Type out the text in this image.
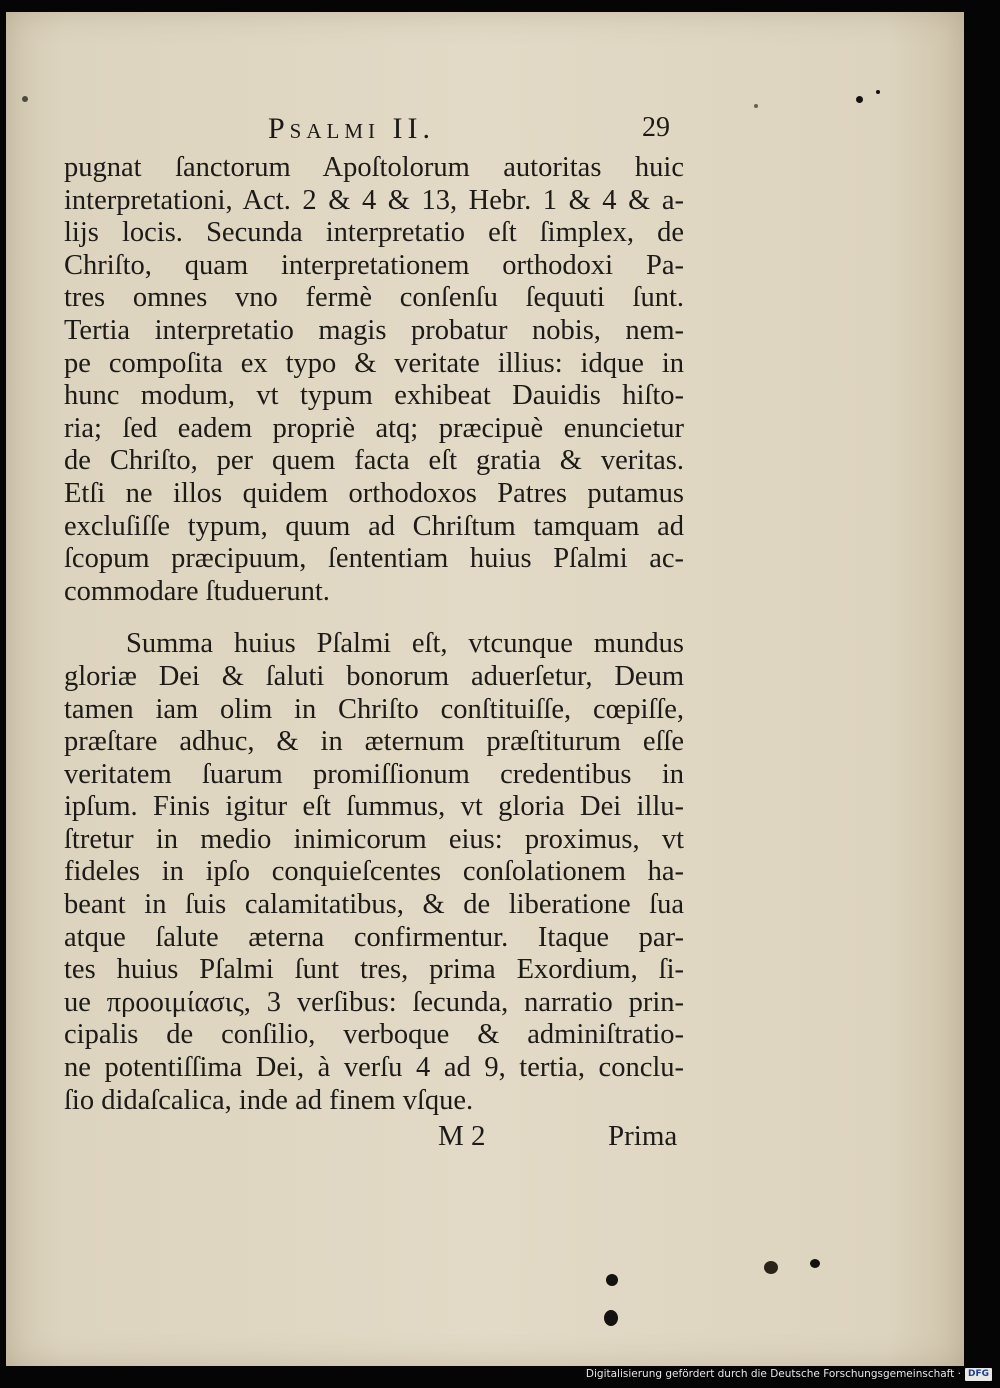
Psalmi II.	29
pugnat ſanctorum Apoſtolorum autoritas huic
interpretationi, Act. 2 & 4 & 13, Hebr. 1 & 4 & a-
lijs locis. Secunda interpretatio eſt ſimplex, de
Chriſto, quam interpretationem orthodoxi Pa-
tres omnes vno fermè conſenſu ſequuti ſunt.
Tertia interpretatio magis probatur nobis, nem-
pe compoſita ex typo & veritate illius: idque in
hunc modum, vt typum exhibeat Dauidis hiſto-
ria; ſed eadem propriè atq; præcipuè enuncietur
de Chriſto, per quem facta eſt gratia & veritas.
Etſi ne illos quidem orthodoxos Patres putamus
excluſiſſe typum, quum ad Chriſtum tamquam ad
ſcopum præcipuum, ſententiam huius Pſalmi ac-
commodare ſtuduerunt.
Summa huius Pſalmi eſt, vtcunque mundus
gloriæ Dei & ſaluti bonorum aduerſetur, Deum
tamen iam olim in Chriſto conſtituiſſe, cœpiſſe,
præſtare adhuc, & in æternum præſtiturum eſſe
veritatem ſuarum promiſſionum credentibus in
ipſum. Finis igitur eſt ſummus, vt gloria Dei illu-
ſtretur in medio inimicorum eius: proximus, vt
fideles in ipſo conquieſcentes conſolationem ha-
beant in ſuis calamitatibus, & de liberatione ſua
atque ſalute æterna confirmentur. Itaque par-
tes huius Pſalmi ſunt tres, prima Exordium, ſi-
ue προοιμίασις, 3 verſibus: ſecunda, narratio prin-
cipalis de conſilio, verboque & adminiſtratio-
ne potentiſſima Dei, à verſu 4 ad 9, tertia, conclu-
ſio didaſcalica, inde ad finem vſque.
M 2	Prima
Digitalisierung gefördert durch die Deutsche Forschungsgemeinschaft · DFG
